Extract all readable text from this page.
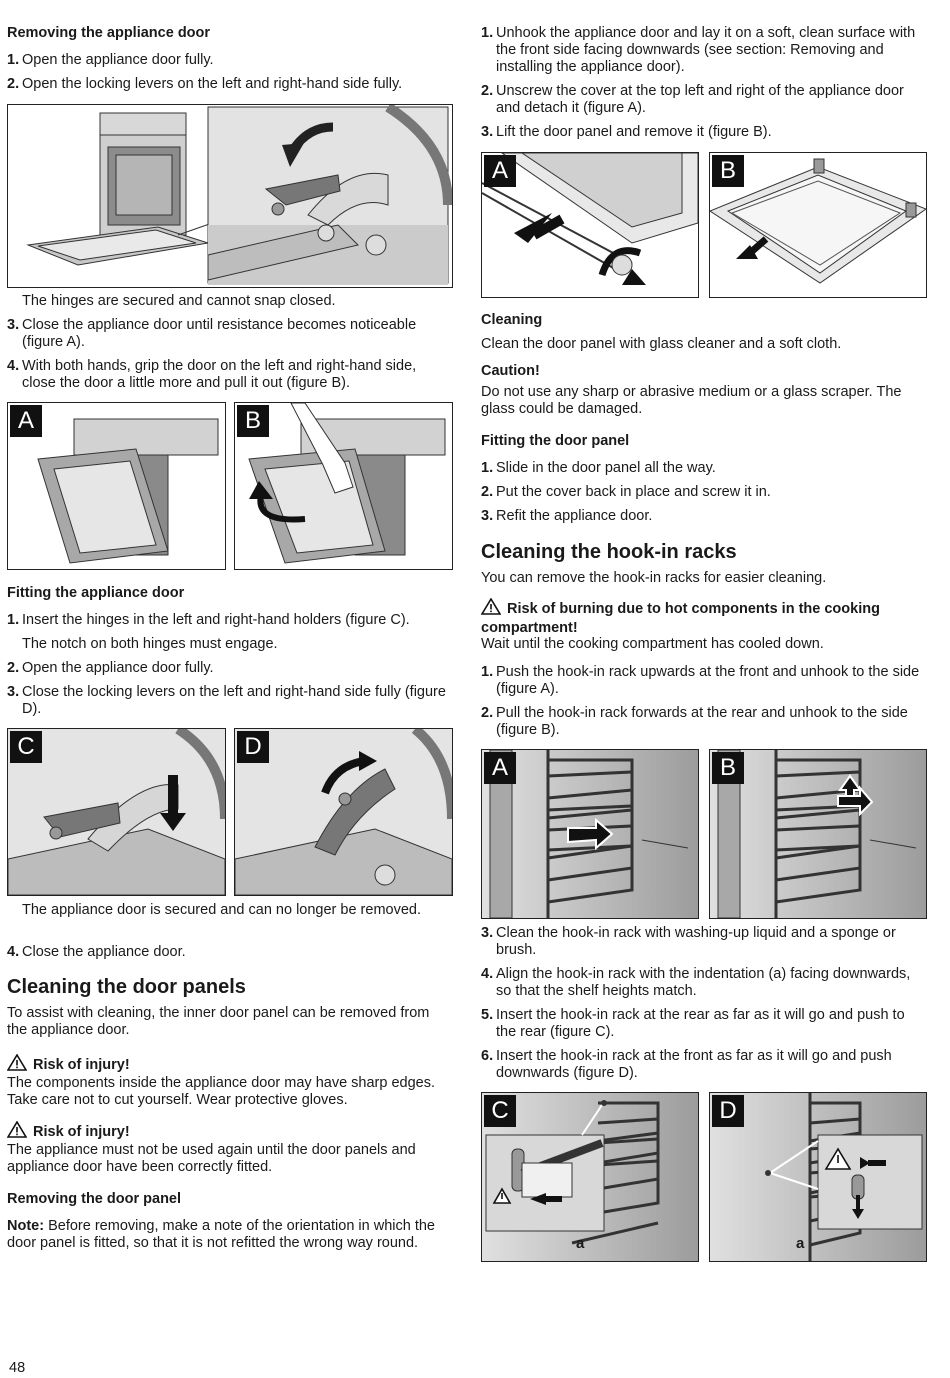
Removing the appliance door
1. Open the appliance door fully.
2. Open the locking levers on the left and right-hand side fully.
The hinges are secured and cannot snap closed.
3. Close the appliance door until resistance becomes noticeable (figure A).
4. With both hands, grip the door on the left and right-hand side, close the door a little more and pull it out (figure B).
A	B
Fitting the appliance door
1. Insert the hinges in the left and right-hand holders (figure C).
The notch on both hinges must engage.
2. Open the appliance door fully.
3. Close the locking levers on the left and right-hand side fully (figure D).
C	D
The appliance door is secured and can no longer be removed.
4. Close the appliance door.
Cleaning the door panels
To assist with cleaning, the inner door panel can be removed from the appliance door.
Risk of injury!
The components inside the appliance door may have sharp edges. Take care not to cut yourself. Wear protective gloves.
Risk of injury!
The appliance must not be used again until the door panels and appliance door have been correctly fitted.
Removing the door panel
Note: Before removing, make a note of the orientation in which the door panel is fitted, so that it is not refitted the wrong way round.
1. Unhook the appliance door and lay it on a soft, clean surface with the front side facing downwards (see section: Removing and installing the appliance door).
2. Unscrew the cover at the top left and right of the appliance door and detach it (figure A).
3. Lift the door panel and remove it (figure B).
A	B
Cleaning
Clean the door panel with glass cleaner and a soft cloth.
Caution!
Do not use any sharp or abrasive medium or a glass scraper. The glass could be damaged.
Fitting the door panel
1. Slide in the door panel all the way.
2. Put the cover back in place and screw it in.
3. Refit the appliance door.
Cleaning the hook-in racks
You can remove the hook-in racks for easier cleaning.
Risk of burning due to hot components in the cooking compartment!
Wait until the cooking compartment has cooled down.
1. Push the hook-in rack upwards at the front and unhook to the side (figure A).
2. Pull the hook-in rack forwards at the rear and unhook to the side (figure B).
A	B
3. Clean the hook-in rack with washing-up liquid and a sponge or brush.
4. Align the hook-in rack with the indentation (a) facing downwards, so that the shelf heights match.
5. Insert the hook-in rack at the rear as far as it will go and push to the rear (figure C).
6. Insert the hook-in rack at the front as far as it will go and push downwards (figure D).
C
a
D
a
48
